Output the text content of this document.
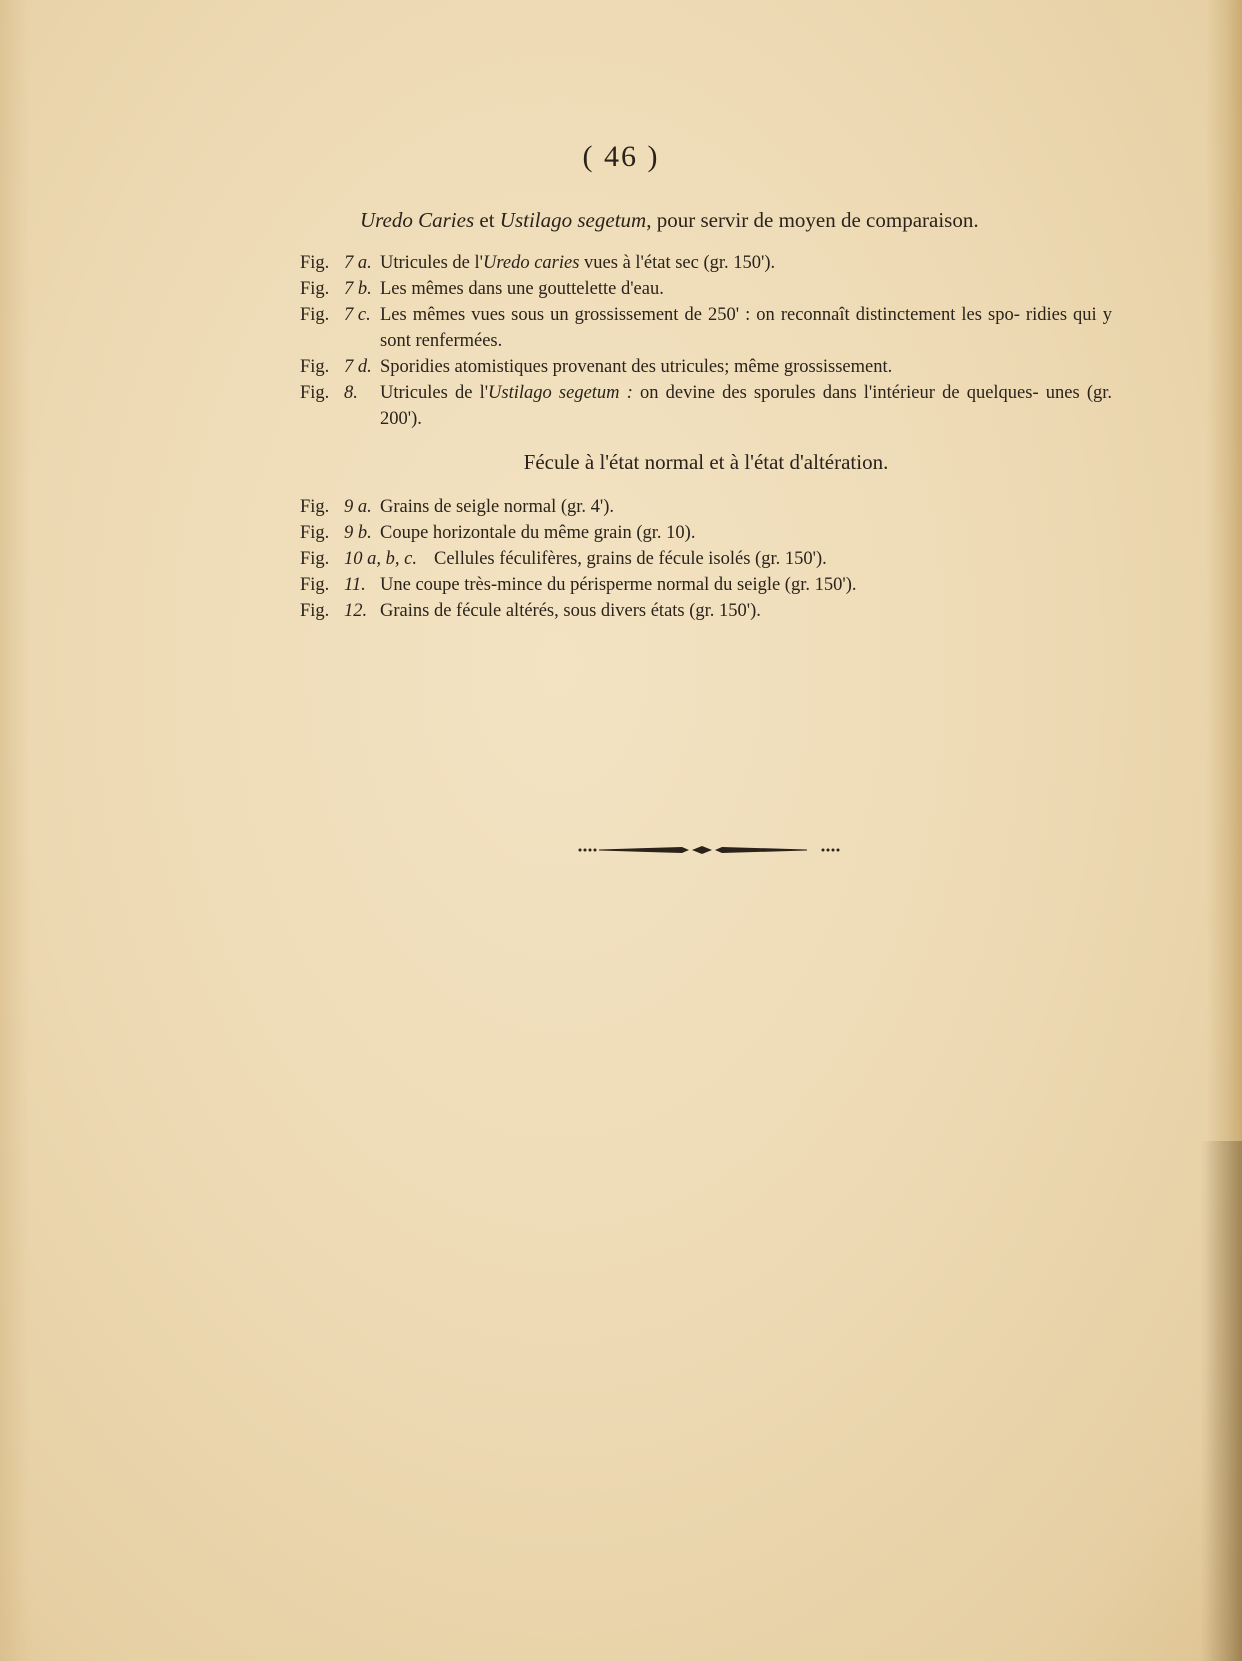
( 46 )
Uredo Caries et Ustilago segetum, pour servir de moyen de comparaison.
Fig. 7 a. Utricules de l'Uredo caries vues à l'état sec (gr. 150').
Fig. 7 b. Les mêmes dans une gouttelette d'eau.
Fig. 7 c. Les mêmes vues sous un grossissement de 250' : on reconnaît distinctement les spo- ridies qui y sont renfermées.
Fig. 7 d. Sporidies atomistiques provenant des utricules; même grossissement.
Fig. 8.	Utricules de l'Ustilago segetum : on devine des sporules dans l'intérieur de quelques- unes (gr. 200').
Fécule à l'état normal et à l'état d'altération.
Fig. 9 a. Grains de seigle normal (gr. 4').
Fig. 9 b. Coupe horizontale du même grain (gr. 10).
Fig. 10 a, b, c. Cellules féculifères, grains de fécule isolés (gr. 150').
Fig. 11. Une coupe très-mince du périsperme normal du seigle (gr. 150').
Fig. 12. Grains de fécule altérés, sous divers états (gr. 150').
